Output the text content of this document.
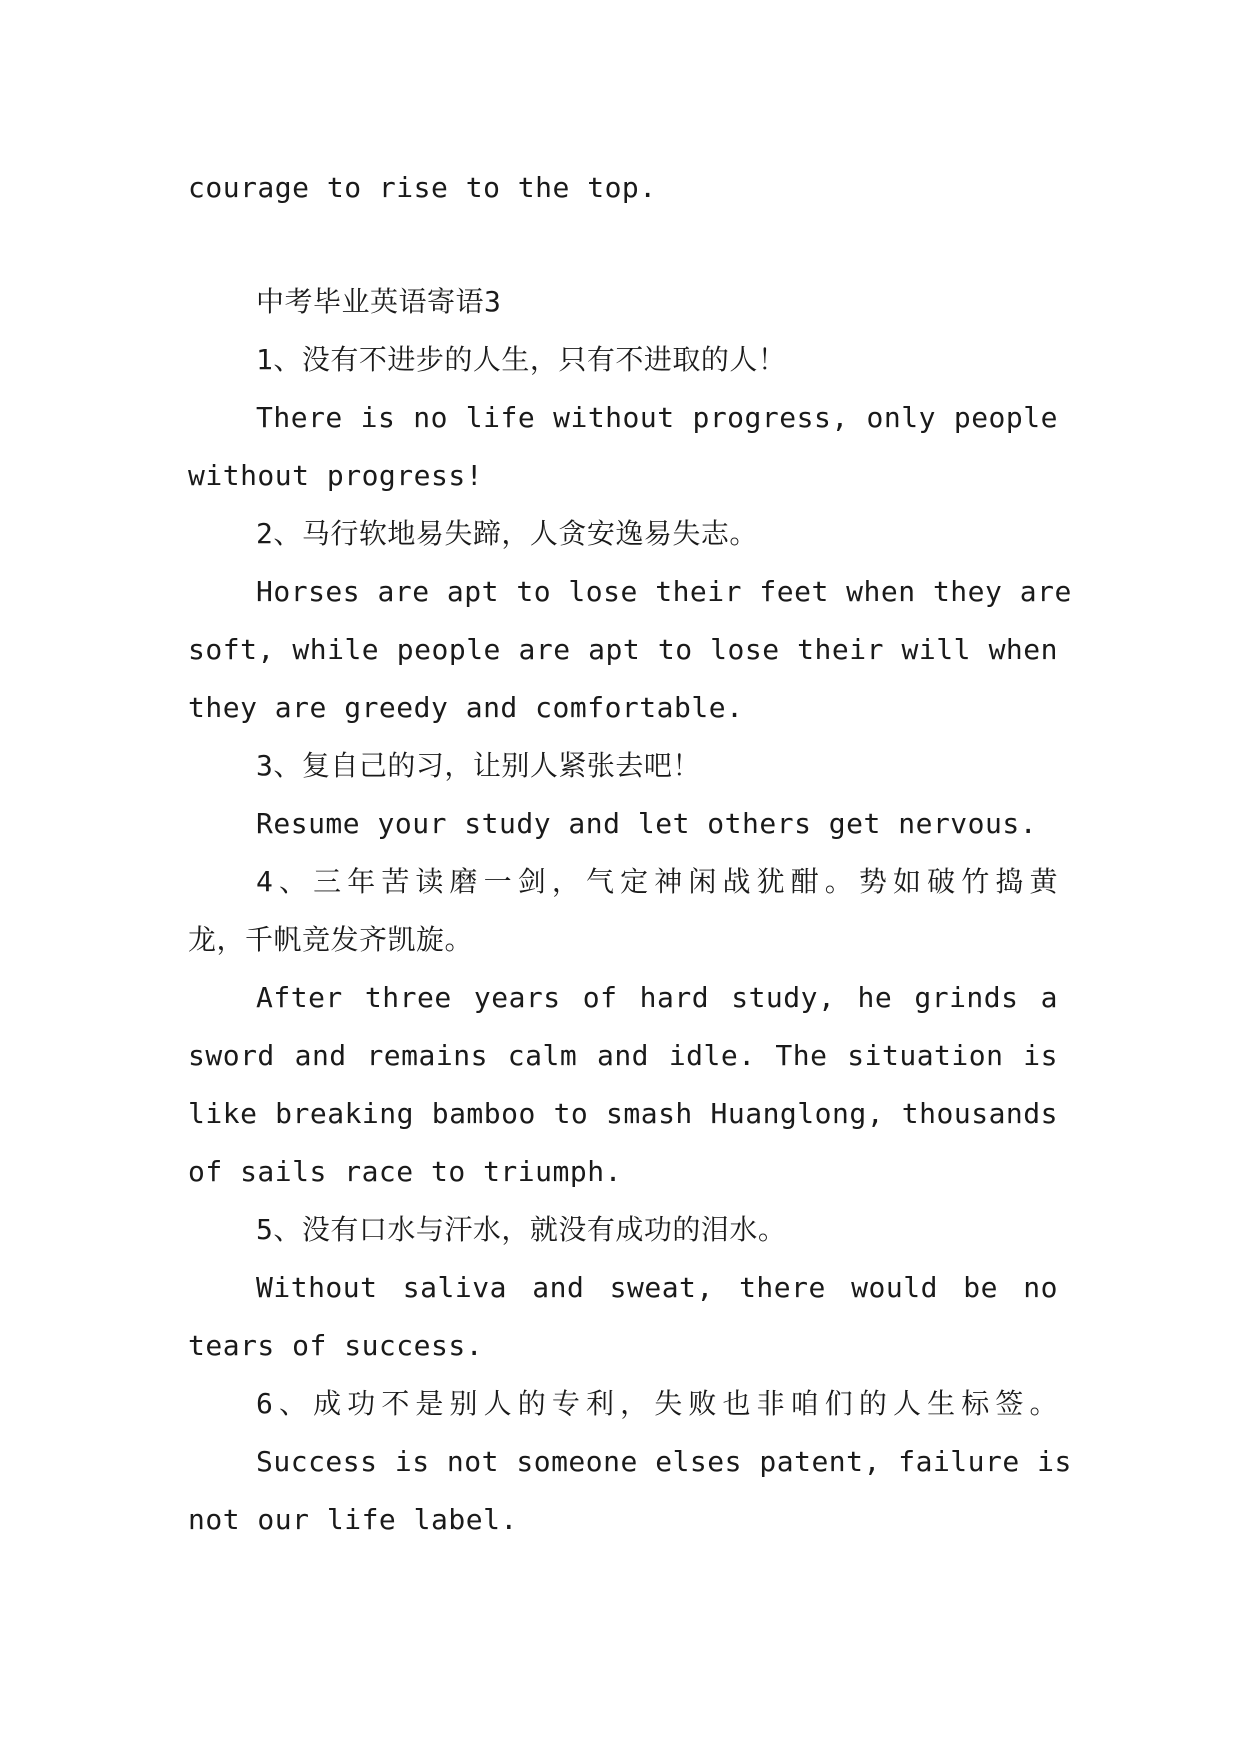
courage to rise to the top.
中考毕业英语寄语3
1、没有不进步的人生，只有不进取的人！
There is no life without progress, only people
without progress!
2、马行软地易失蹄，人贪安逸易失志。
Horses are apt to lose their feet when they are
soft, while people are apt to lose their will when
they are greedy and comfortable.
3、复自己的习，让别人紧张去吧！
Resume your study and let others get nervous.
4、三年苦读磨一剑，气定神闲战犹酣。势如破竹捣黄
龙，千帆竞发齐凯旋。
After three years of hard study, he grinds a
sword and remains calm and idle. The situation is
like breaking bamboo to smash Huanglong, thousands
of sails race to triumph.
5、没有口水与汗水，就没有成功的泪水。
Without saliva and sweat, there would be no
tears of success.
6、成功不是别人的专利，失败也非咱们的人生标签。
Success is not someone elses patent, failure is
not our life label.
